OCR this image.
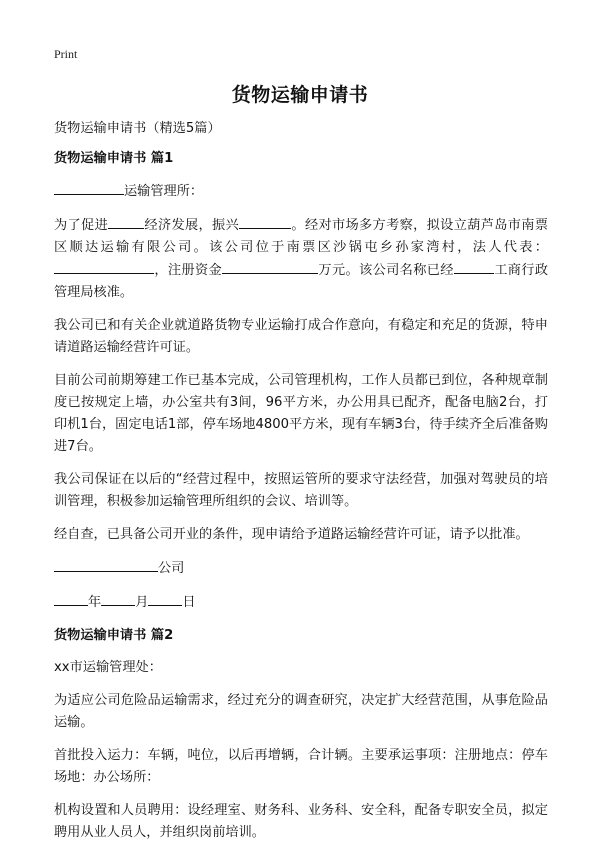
Print
货物运输申请书

货物运输申请书（精选5篇）

货物运输申请书 篇1

运输管理所：

为了促进	经济发展，振兴	。经对市场多方考察，拟设立葫芦岛市南票区顺达运输有限公司。该公司位于南票区沙锅屯乡孙家湾村，法人代表：，注册资金	万元。该公司名称已经	工商行政管理局核准。

我公司已和有关企业就道路货物专业运输打成合作意向，有稳定和充足的货源，特申请道路运输经营许可证。

目前公司前期筹建工作已基本完成，公司管理机构，工作人员都已到位，各种规章制度已按规定上墙，办公室共有3间，96平方米，办公用具已配齐，配备电脑2台，打印机1台，固定电话1部，停车场地4800平方米，现有车辆3台，待手续齐全后准备购进7台。

我公司保证在以后的“经营过程中，按照运管所的要求守法经营，加强对驾驶员的培训管理，积极参加运输管理所组织的会议、培训等。

经自查，已具备公司开业的条件，现申请给予道路运输经营许可证，请予以批准。

公司

年	月	日

货物运输申请书 篇2

xx市运输管理处：

为适应公司危险品运输需求，经过充分的调查研究，决定扩大经营范围，从事危险品运输。

首批投入运力：车辆，吨位，以后再增辆，合计辆。主要承运事项：注册地点：停车场地：办公场所：

机构设置和人员聘用：设经理室、财务科、业务科、安全科，配备专职安全员，拟定聘用从业人员人，并组织岗前培训。
